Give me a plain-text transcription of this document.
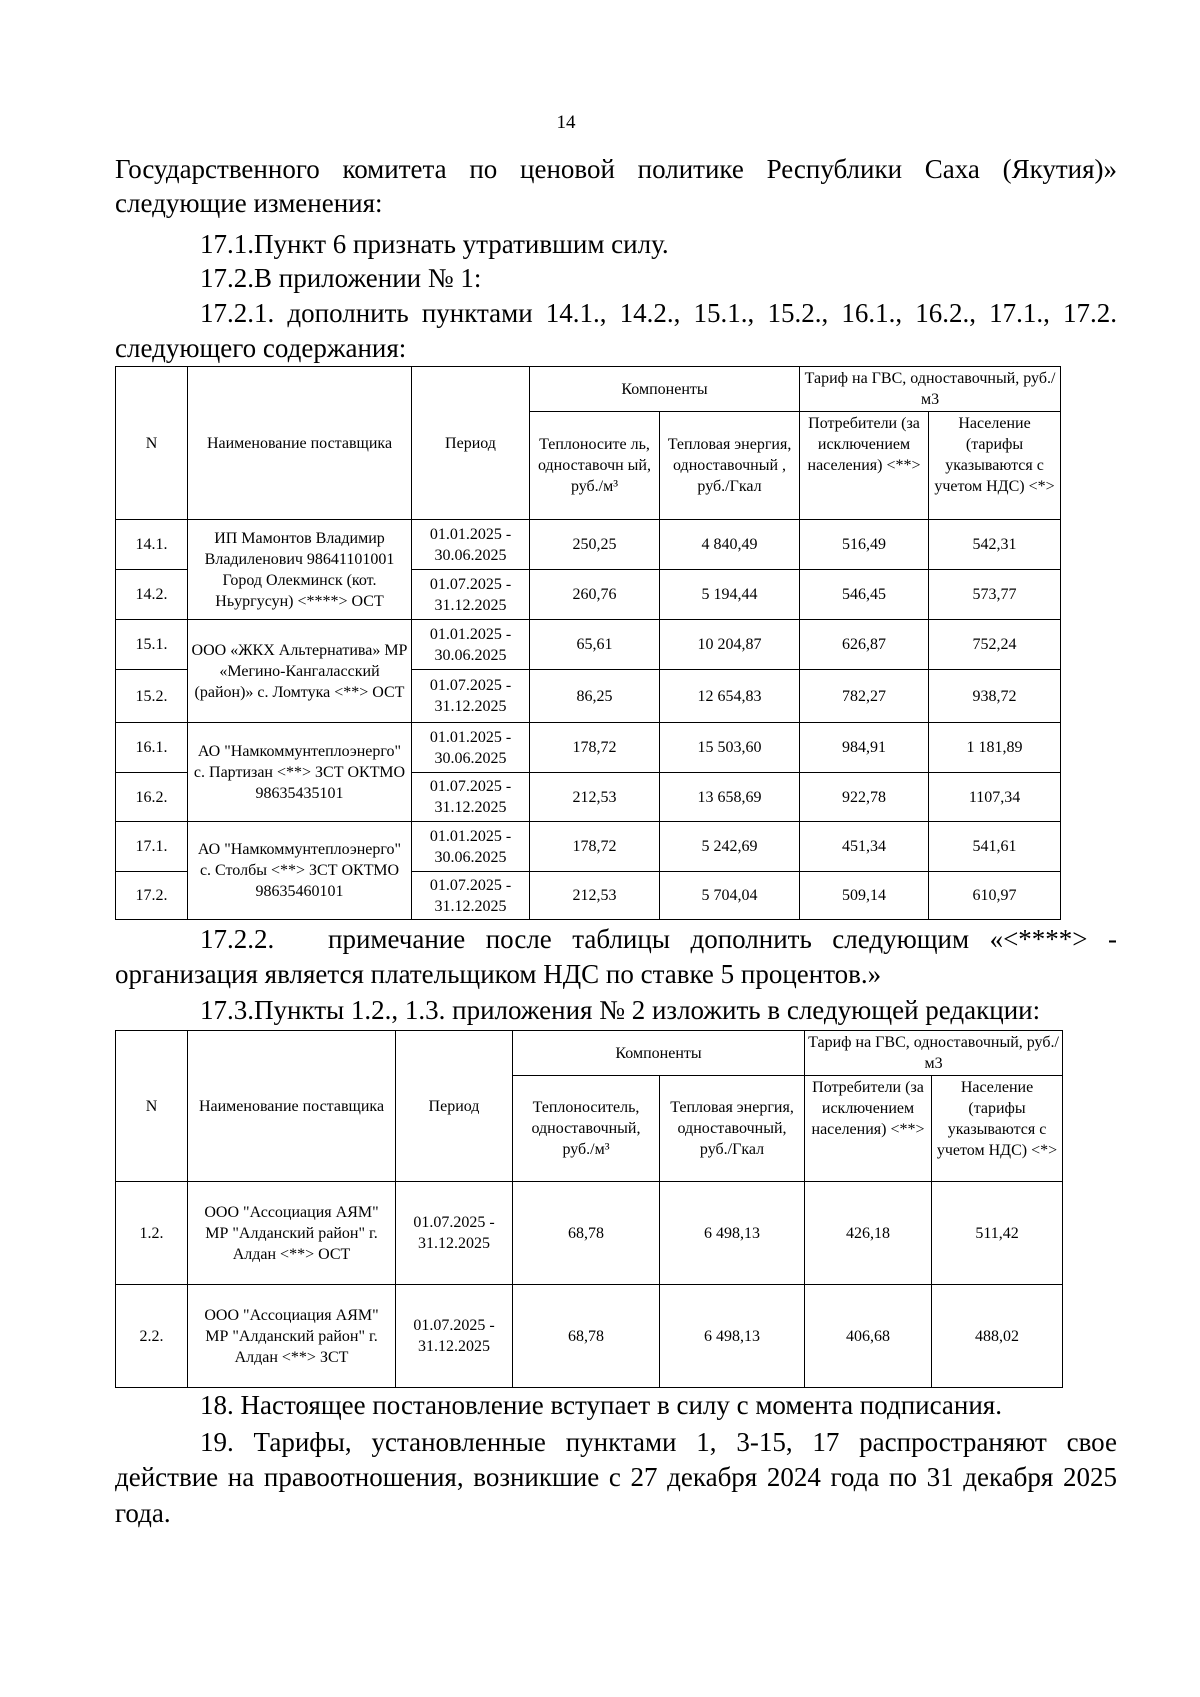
14
Государственного комитета по ценовой политике Республики Саха (Якутия)»
следующие изменения:
17.1.Пункт 6 признать утратившим силу.
17.2.В приложении № 1:
17.2.1. дополнить пунктами 14.1., 14.2., 15.1., 15.2., 16.1., 16.2., 17.1., 17.2.
следующего содержания:
N	Наименование поставщика	Период	Компоненты		Тариф на ГВС, одноставочный, руб./м3	
			Теплоносите ль, одноставочн ый, руб./м³	Тепловая энергия, одноставочный , руб./Гкал	Потребители (за исключением населения) <**>	Население (тарифы указываются с учетом НДС) <*>
14.1.	ИП Мамонтов Владимир Владиленович 98641101001 Город Олекминск (кот. Ньургусун) <****> ОСТ	01.01.2025 - 30.06.2025	250,25	4 840,49	516,49	542,31
14.2.		01.07.2025 - 31.12.2025	260,76	5 194,44	546,45	573,77
15.1.	ООО «ЖКХ Альтернатива» МР «Мегино-Кангаласский (район)» с. Ломтука <**> ОСТ	01.01.2025 - 30.06.2025	65,61	10 204,87	626,87	752,24
15.2.		01.07.2025 - 31.12.2025	86,25	12 654,83	782,27	938,72
16.1.	АО "Намкоммунтеплоэнерго" с. Партизан <**> ЗСТ ОКТМО 98635435101	01.01.2025 - 30.06.2025	178,72	15 503,60	984,91	1 181,89
16.2.		01.07.2025 - 31.12.2025	212,53	13 658,69	922,78	1107,34
17.1.	АО "Намкоммунтеплоэнерго" с. Столбы <**> ЗСТ ОКТМО 98635460101	01.01.2025 - 30.06.2025	178,72	5 242,69	451,34	541,61
17.2.		01.07.2025 - 31.12.2025	212,53	5 704,04	509,14	610,97
17.2.2. примечание после таблицы дополнить следующим «<****> -
организация является плательщиком НДС по ставке 5 процентов.»
17.3.Пункты 1.2., 1.3. приложения № 2 изложить в следующей редакции:
N	Наименование поставщика	Период	Компоненты		Тариф на ГВС, одноставочный, руб./м3	
			Теплоноситель, одноставочный, руб./м³	Тепловая энергия, одноставочный, руб./Гкал	Потребители (за исключением населения) <**>	Население (тарифы указываются с учетом НДС) <*>
1.2.	ООО "Ассоциация АЯМ" МР "Алданский район" г. Алдан <**> ОСТ	01.07.2025 - 31.12.2025	68,78	6 498,13	426,18	511,42
2.2.	ООО "Ассоциация АЯМ" МР "Алданский район" г. Алдан <**> ЗСТ	01.07.2025 - 31.12.2025	68,78	6 498,13	406,68	488,02
18. Настоящее постановление вступает в силу с момента подписания.
19. Тарифы, установленные пунктами 1, 3-15, 17 распространяют свое
действие на правоотношения, возникшие с 27 декабря 2024 года по 31 декабря 2025
года.
